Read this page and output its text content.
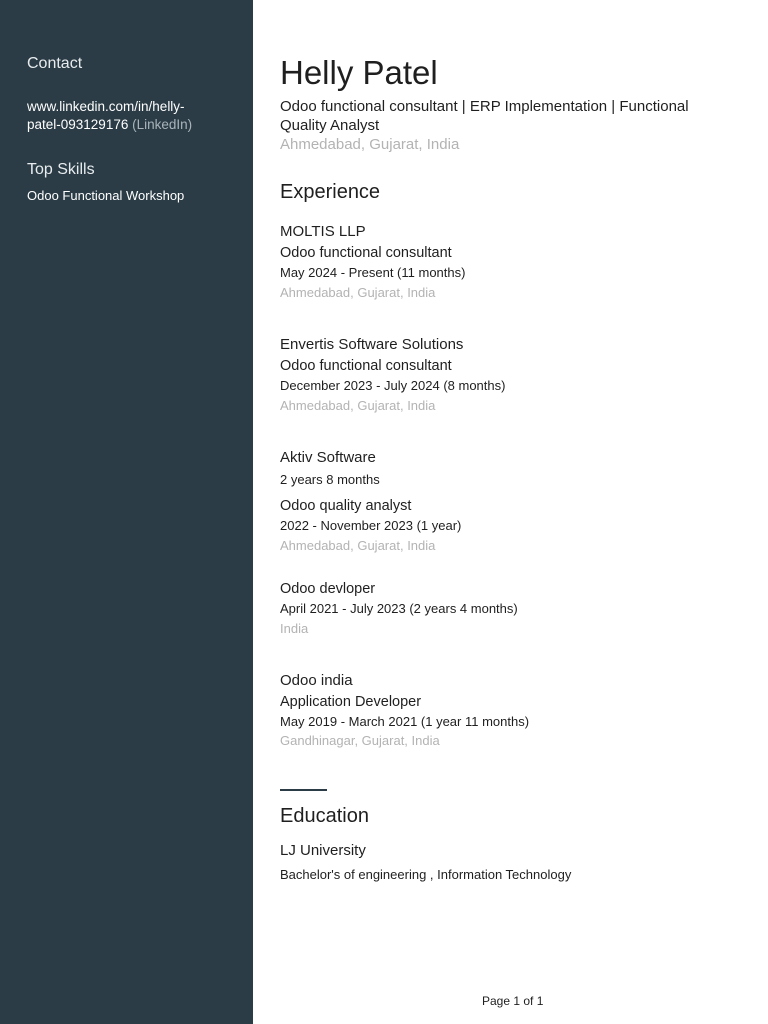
Contact
www.linkedin.com/in/helly-
patel-093129176 (LinkedIn)
Top Skills
Odoo Functional Workshop
Helly Patel
Odoo functional consultant | ERP Implementation | Functional Quality Analyst
Ahmedabad, Gujarat, India
Experience
MOLTIS LLP
Odoo functional consultant
May 2024 - Present (11 months)
Ahmedabad, Gujarat, India
Envertis Software Solutions
Odoo functional consultant
December 2023 - July 2024 (8 months)
Ahmedabad, Gujarat, India
Aktiv Software
2 years 8 months
Odoo quality analyst
2022 - November 2023 (1 year)
Ahmedabad, Gujarat, India
Odoo devloper
April 2021 - July 2023 (2 years 4 months)
India
Odoo india
Application Developer
May 2019 - March 2021 (1 year 11 months)
Gandhinagar, Gujarat, India
Education
LJ University
Bachelor's of engineering , Information Technology
Page 1 of 1
